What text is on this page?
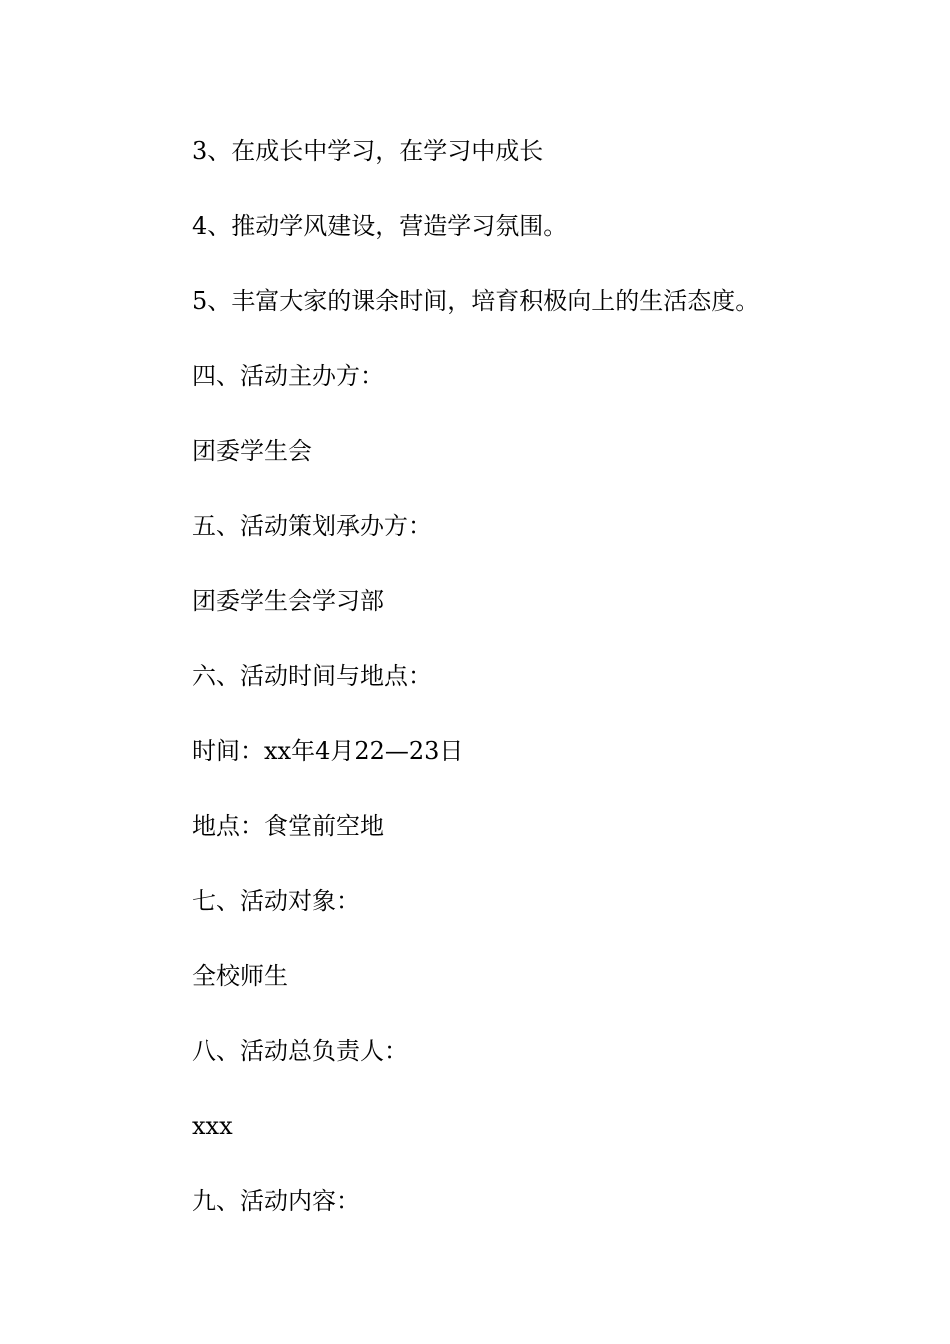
3、在成长中学习，在学习中成长

4、推动学风建设，营造学习氛围。

5、丰富大家的课余时间，培育积极向上的生活态度。

四、活动主办方：

团委学生会

五、活动策划承办方：

团委学生会学习部

六、活动时间与地点：

时间：xx年4月22—23日

地点：食堂前空地

七、活动对象：

全校师生

八、活动总负责人：

xxx

九、活动内容：
